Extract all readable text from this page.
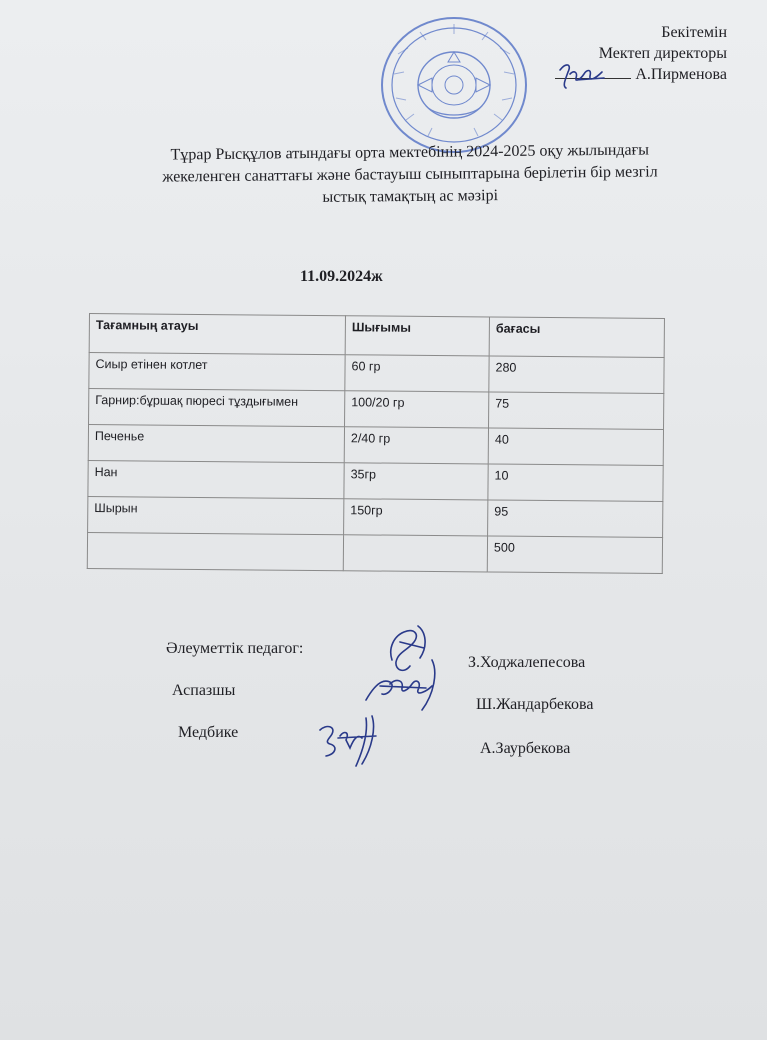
Бекітемін
Мектеп директоры
А.Пирменова
Тұрар Рысқұлов атындағы орта мектебінің 2024-2025 оқу жылындағы
жекеленген санаттағы және бастауыш сыныптарына берілетін бір мезгіл
ыстық тамақтың ас мәзірі
11.09.2024ж
Тағамның атауы	Шығымы	бағасы
Сиыр етінен котлет	60 гр	280
Гарнир:бұршақ пюресі тұздығымен	100/20 гр	75
Печенье	2/40 гр	40
Нан	35гр	10
Шырын	150гр	95
		500
Әлеуметтік педагог:
З.Ходжалепесова
Аспазшы
Ш.Жандарбекова
Медбике
А.Заурбекова
